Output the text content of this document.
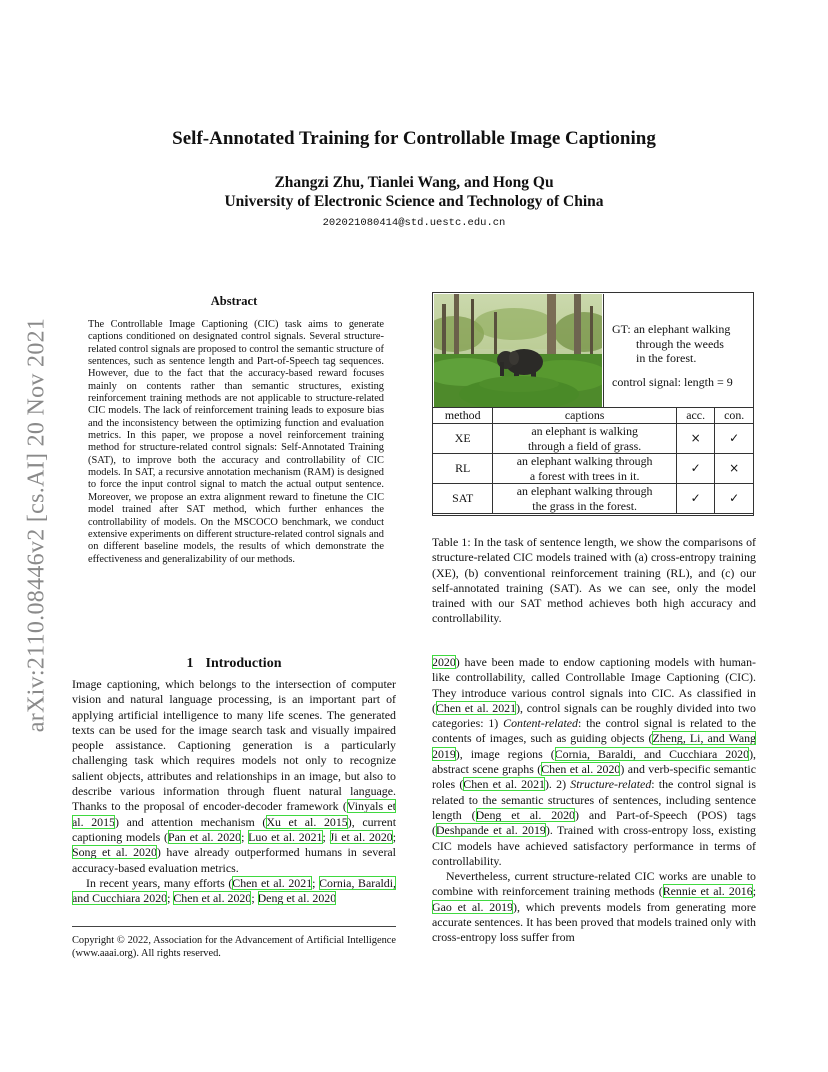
arXiv:2110.08446v2 [cs.AI] 20 Nov 2021
Self-Annotated Training for Controllable Image Captioning
Zhangzi Zhu, Tianlei Wang, and Hong Qu
University of Electronic Science and Technology of China
202021080414@std.uestc.edu.cn
Abstract

The Controllable Image Captioning (CIC) task aims to generate captions conditioned on designated control signals. Several structure-related control signals are proposed to control the semantic structure of sentences, such as sentence length and Part-of-Speech tag sequences. However, due to the fact that the accuracy-based reward focuses mainly on contents rather than semantic structures, existing reinforcement training methods are not applicable to structure-related CIC models. The lack of reinforcement training leads to exposure bias and the inconsistency between the optimizing function and evaluation metrics. In this paper, we propose a novel reinforcement training method for structure-related control signals: Self-Annotated Training (SAT), to improve both the accuracy and controllability of CIC models. In SAT, a recursive annotation mechanism (RAM) is designed to force the input control signal to match the actual output sentence. Moreover, we propose an extra alignment reward to finetune the CIC model trained after SAT method, which further enhances the controllability of models. On the MSCOCO benchmark, we conduct extensive experiments on different structure-related control signals and on different baseline models, the results of which demonstrate the effectiveness and generalizability of our methods.

GT: an elephant walking
through the weeds
in the forest.
control signal: length = 9
method	captions	acc.	con.
XE	an elephant is walking
through a field of grass.	×	✓
RL	an elephant walking through
a forest with trees in it.	✓	×
SAT	an elephant walking through
the grass in the forest.	✓	✓

Table 1: In the task of sentence length, we show the comparisons of structure-related CIC models trained with (a) cross-entropy training (XE), (b) conventional reinforcement training (RL), and (c) our self-annotated training (SAT). As we can see, only the model trained with our SAT method achieves both high accuracy and controllability.

1 Introduction

Image captioning, which belongs to the intersection of computer vision and natural language processing, is an important part of applying artificial intelligence to many life scenes. The generated texts can be used for the image search task and visually impaired people assistance. Captioning generation is a particularly challenging task which requires models not only to recognize salient objects, attributes and relationships in an image, but also to describe various information through fluent natural language. Thanks to the proposal of encoder-decoder framework (Vinyals et al. 2015) and attention mechanism (Xu et al. 2015), current captioning models (Pan et al. 2020; Luo et al. 2021; Ji et al. 2020; Song et al. 2020) have already outperformed humans in several accuracy-based evaluation metrics.

In recent years, many efforts (Chen et al. 2021; Cornia, Baraldi, and Cucchiara 2020; Chen et al. 2020; Deng et al. 2020

Copyright © 2022, Association for the Advancement of Artificial Intelligence (www.aaai.org). All rights reserved.

2020) have been made to endow captioning models with human-like controllability, called Controllable Image Captioning (CIC). They introduce various control signals into CIC. As classified in (Chen et al. 2021), control signals can be roughly divided into two categories: 1) Content-related: the control signal is related to the contents of images, such as guiding objects (Zheng, Li, and Wang 2019), image regions (Cornia, Baraldi, and Cucchiara 2020), abstract scene graphs (Chen et al. 2020) and verb-specific semantic roles (Chen et al. 2021). 2) Structure-related: the control signal is related to the semantic structures of sentences, including sentence length (Deng et al. 2020) and Part-of-Speech (POS) tags (Deshpande et al. 2019). Trained with cross-entropy loss, existing CIC models have achieved satisfactory performance in terms of controllability.

Nevertheless, current structure-related CIC works are unable to combine with reinforcement training methods (Rennie et al. 2016; Gao et al. 2019), which prevents models from generating more accurate sentences. It has been proved that models trained only with cross-entropy loss suffer from
